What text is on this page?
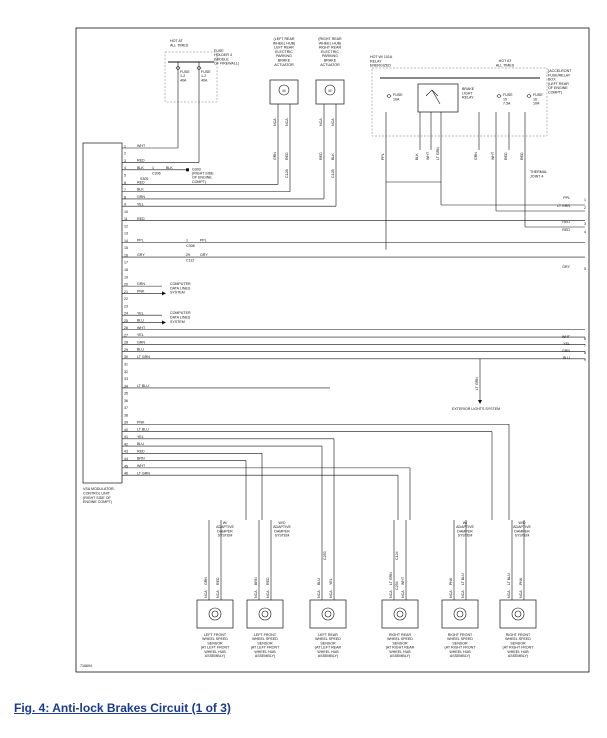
VSA MODULATOR-
CONTROL UNIT
(RIGHT SIDE OF
ENGINE COMPT)
HOT AT
ALL TIMES
FUSE
HOLDER 4
(MIDDLE
OF FIREWALL)
FUSE
1-2
40A
FUSE
1-2
40A
M	M
(LEFT REAR
WHEEL HUB)
LEFT REAR
ELECTRIC
PARKING
BRAKE
ACTUATOR
(RIGHT REAR
WHEEL HUB)
RIGHT REAR
ELECTRIC
PARKING
BRAKE
ACTUATOR
HOT W/ 101A
RELAY
ENERGIZED
HOT AT
ALL TIMES
(ACCELRONT
FUSE/RELAY
BOX
(LEFT REAR
OF ENGINE
COMPT)
FUSE
10A
BRAKE
LIGHT
RELAY
FUSE
15
7.5A
FUSE
16
10A
LEFT FRONT
WHEEL SPEED
SENSOR
(AT LEFT FRONT
WHEEL HUB
ASSEMBLY)
LEFT FRONT
WHEEL SPEED
SENSOR
(AT LEFT FRONT
WHEEL HUB
ASSEMBLY)
LEFT REAR
WHEEL SPEED
SENSOR
(AT LEFT REAR
WHEEL HUB
ASSEMBLY)
RIGHT REAR
WHEEL SPEED
SENSOR
(AT RIGHT REAR
WHEEL HUB
ASSEMBLY)
RIGHT FRONT
WHEEL SPEED
SENSOR
(AT RIGHT FRONT
WHEEL HUB
ASSEMBLY)
RIGHT FRONT
WHEEL SPEED
SENSOR
(AT RIGHT FRONT
WHEEL HUB
ASSEMBLY)
W/
ADAPTIVE
DAMPER
SYSTEM
W/O
ADAPTIVE
DAMPER
SYSTEM
W/
ADAPTIVE
DAMPER
SYSTEM
W/O
ADAPTIVE
DAMPER
SYSTEM
1	WHT
2
3	RED
4	BLK
5
6	RED
7	BLK
8	GRN
9	YEL
10
11	RED
12
13
14	PPL
15
16	GRY
17
18
19
20	GRN
21	PNK
22
23
24	YEL
25	BLU
26	WHT
27	YEL
28	GRN
29	BLU
30	LT GRN
31
32
33
34	LT BLU
35
36
37
38
39	PNK
40	LT BLU
41	YEL
42	BLU
43	RED
44	BRN
45	WHT
46	LT GRN
1	BLK
C306
G303
(RIGHT SIDE
OF ENGINE
COMPT)
NCA NCA	NCA NCA
GRN RED	RED BLK
C128	C128
PPL	BLK WHT LT GRN	GRN	WHT	RED	RED
THERMAL
JOINT 4
1	PPL
C308
29	GRY
C112
COMPUTER
DATA LINES
SYSTEM
COMPUTER
DATA LINES
SYSTEM
EXTERIOR LIGHTS SYSTEM
LT GRN
PPL	1
LT GRN	2
RED	3
RED	4
GRY	5
WHT	6
YEL	7
GRN	8
BLU	9
GRN RED
NCA NCA
BRN RED
NCA NCA
BLU YEL
NCA NCA
LT GRN WHT
NCA NCA
PNK LT BLU
NCA NCA
LT BLU PNK
NCA NCA
C253	C124
C254
S305
716694

Fig. 4: Anti-lock Brakes Circuit (1 of 3)
